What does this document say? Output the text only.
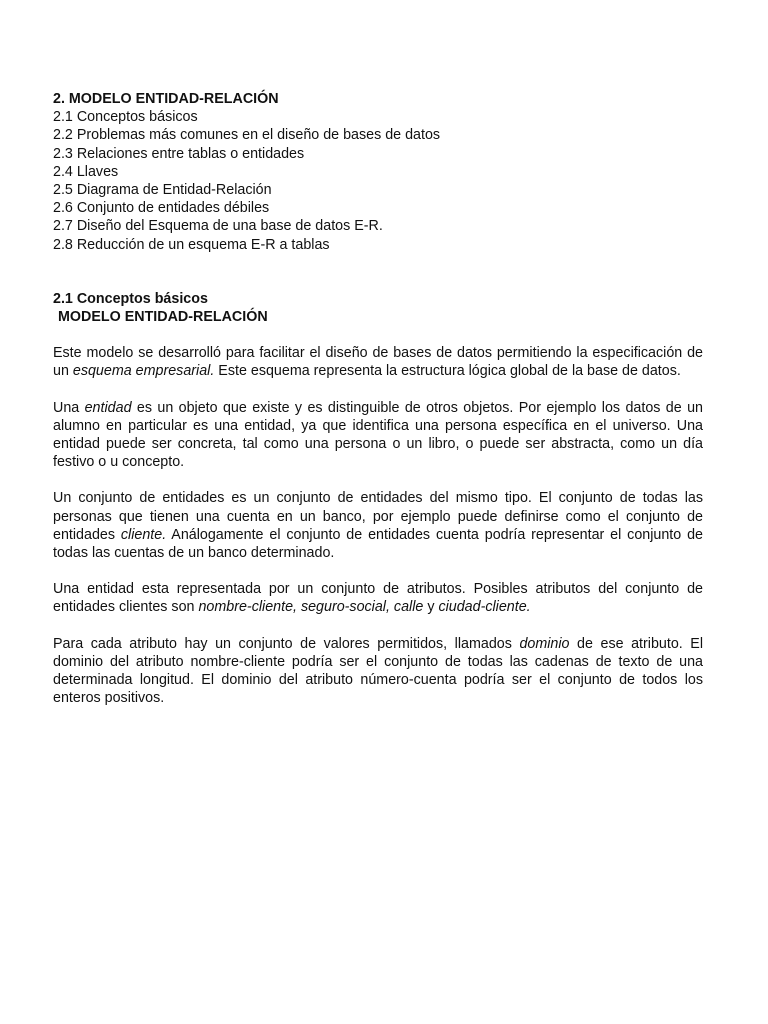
2. MODELO ENTIDAD-RELACIÓN
2.1 Conceptos básicos
2.2 Problemas más comunes en el diseño de bases de datos
2.3 Relaciones entre tablas o entidades
2.4 Llaves
2.5 Diagrama de Entidad-Relación
2.6 Conjunto de entidades débiles
2.7 Diseño del Esquema de una base de datos E-R.
2.8 Reducción de un esquema E-R a tablas
2.1 Conceptos básicos
MODELO ENTIDAD-RELACIÓN

Este modelo se desarrolló para facilitar el diseño de bases de datos permitiendo la especificación de un esquema empresarial. Este esquema representa la estructura lógica global de la base de datos.

Una entidad es un objeto que existe y es distinguible de otros objetos. Por ejemplo los datos de un alumno en particular es una entidad, ya que identifica una persona específica en el universo. Una entidad puede ser concreta, tal como una persona o un libro, o puede ser abstracta, como un día festivo o u concepto.

Un conjunto de entidades es un conjunto de entidades del mismo tipo. El conjunto de todas las personas que tienen una cuenta en un banco, por ejemplo puede definirse como el conjunto de entidades cliente. Análogamente el conjunto de entidades cuenta podría representar el conjunto de todas las cuentas de un banco determinado.

Una entidad esta representada por un conjunto de atributos. Posibles atributos del conjunto de entidades clientes son nombre-cliente, seguro-social, calle y ciudad-cliente.

Para cada atributo hay un conjunto de valores permitidos, llamados dominio de ese atributo. El dominio del atributo nombre-cliente podría ser el conjunto de todas las cadenas de texto de una determinada longitud. El dominio del atributo número-cuenta podría ser el conjunto de todos los enteros positivos.
